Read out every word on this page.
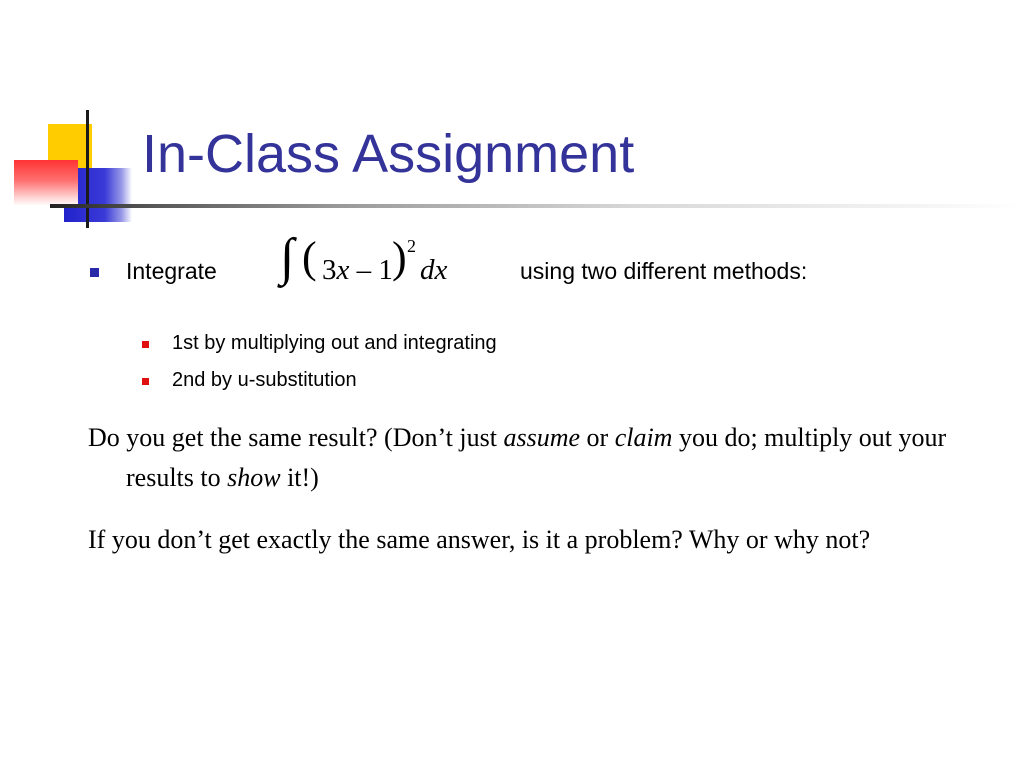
In-Class Assignment
Integrate ∫ ( 3x – 1 ) 2
dx	using two different methods:
1st by multiplying out and integrating
2nd by u-substitution

Do you get the same result? (Don’t just assume or claim you do; multiply out your results to show it!)

If you don’t get exactly the same answer, is it a problem? Why or why not?
